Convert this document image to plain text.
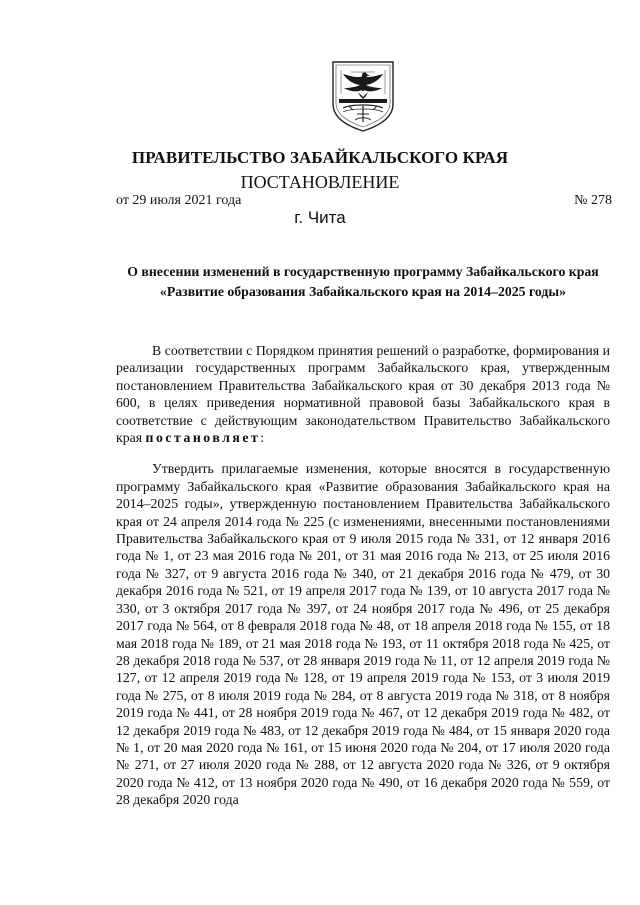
ПРАВИТЕЛЬСТВО ЗАБАЙКАЛЬСКОГО КРАЯ
ПОСТАНОВЛЕНИЕ
от 29 июля 2021 года	№ 278
г. Чита
О внесении изменений в государственную программу Забайкальского края «Развитие образования Забайкальского края на 2014–2025 годы»

В соответствии с Порядком принятия решений о разработке, формирования и реализации государственных программ Забайкальского края, утвержденным постановлением Правительства Забайкальского края от 30 декабря 2013 года № 600, в целях приведения нормативной правовой базы Забайкальского края в соответствие с действующим законодательством Правительство Забайкальского края постановляет:

Утвердить прилагаемые изменения, которые вносятся в государственную программу Забайкальского края «Развитие образования Забайкальского края на 2014–2025 годы», утвержденную постановлением Правительства Забайкальского края от 24 апреля 2014 года № 225 (с изменениями, внесенными постановлениями Правительства Забайкальского края от 9 июля 2015 года № 331, от 12 января 2016 года № 1, от 23 мая 2016 года № 201, от 31 мая 2016 года № 213, от 25 июля 2016 года № 327, от 9 августа 2016 года № 340, от 21 декабря 2016 года № 479, от 30 декабря 2016 года № 521, от 19 апреля 2017 года № 139, от 10 августа 2017 года № 330, от 3 октября 2017 года № 397, от 24 ноября 2017 года № 496, от 25 декабря 2017 года № 564, от 8 февраля 2018 года № 48, от 18 апреля 2018 года № 155, от 18 мая 2018 года № 189, от 21 мая 2018 года № 193, от 11 октября 2018 года № 425, от 28 декабря 2018 года № 537, от 28 января 2019 года № 11, от 12 апреля 2019 года № 127, от 12 апреля 2019 года № 128, от 19 апреля 2019 года № 153, от 3 июля 2019 года № 275, от 8 июля 2019 года № 284, от 8 августа 2019 года № 318, от 8 ноября 2019 года № 441, от 28 ноября 2019 года № 467, от 12 декабря 2019 года № 482, от 12 декабря 2019 года № 483, от 12 декабря 2019 года № 484, от 15 января 2020 года № 1, от 20 мая 2020 года № 161, от 15 июня 2020 года № 204, от 17 июля 2020 года № 271, от 27 июля 2020 года № 288, от 12 августа 2020 года № 326, от 9 октября 2020 года № 412, от 13 ноября 2020 года № 490, от 16 декабря 2020 года № 559, от 28 декабря 2020 года
